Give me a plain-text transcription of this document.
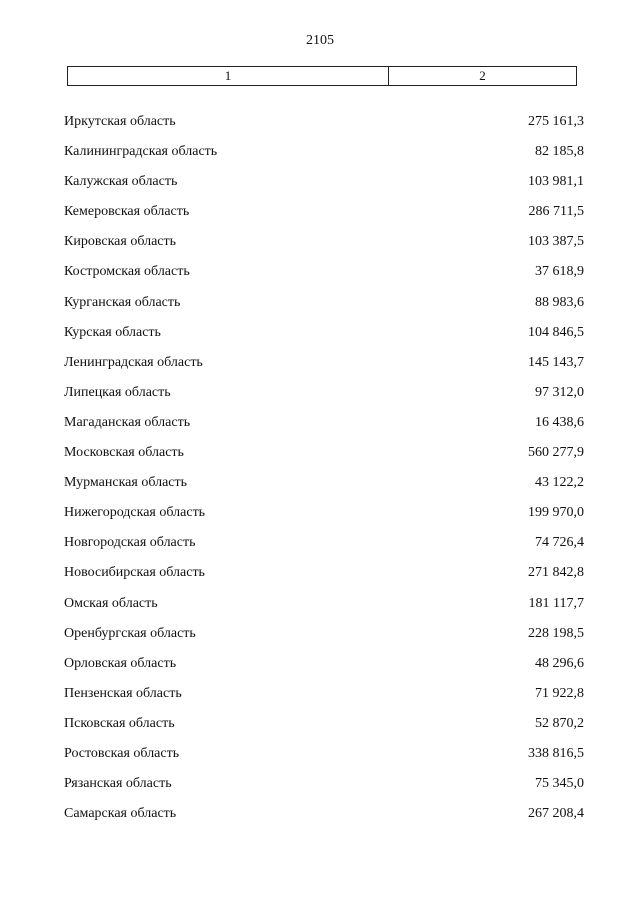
2105
1	2
Иркутская область	275 161,3
Калининградская область	82 185,8
Калужская область	103 981,1
Кемеровская область	286 711,5
Кировская область	103 387,5
Костромская область	37 618,9
Курганская область	88 983,6
Курская область	104 846,5
Ленинградская область	145 143,7
Липецкая область	97 312,0
Магаданская область	16 438,6
Московская область	560 277,9
Мурманская область	43 122,2
Нижегородская область	199 970,0
Новгородская область	74 726,4
Новосибирская область	271 842,8
Омская область	181 117,7
Оренбургская область	228 198,5
Орловская область	48 296,6
Пензенская область	71 922,8
Псковская область	52 870,2
Ростовская область	338 816,5
Рязанская область	75 345,0
Самарская область	267 208,4
